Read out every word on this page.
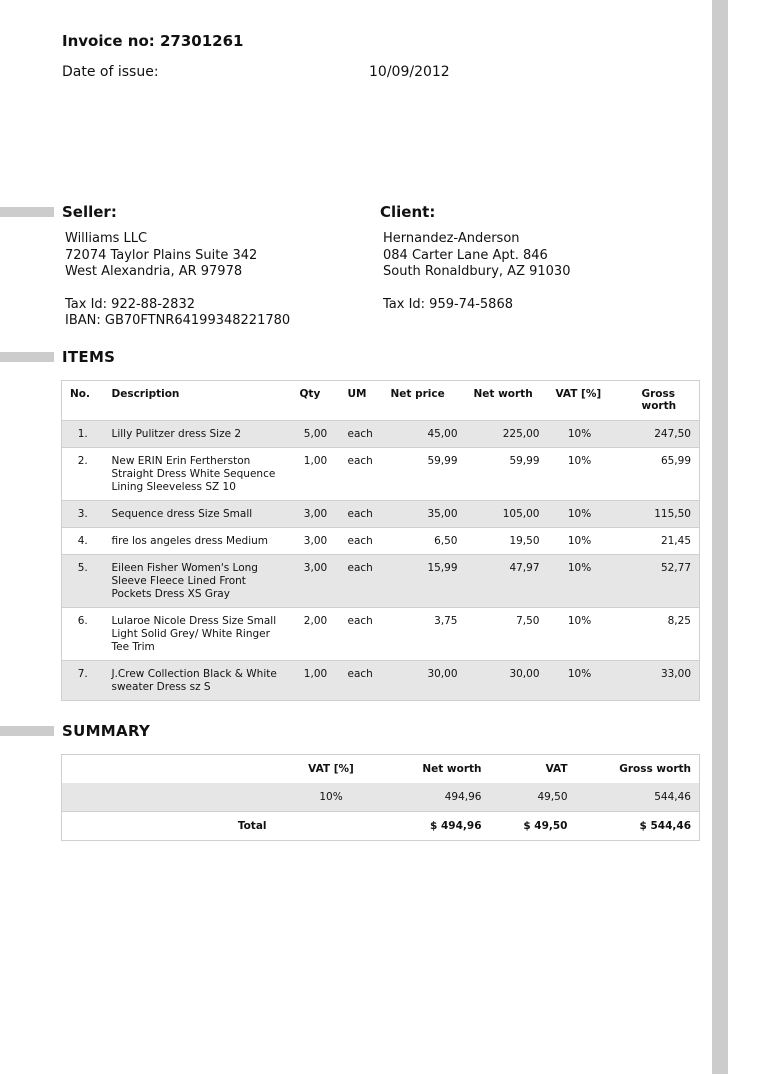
Invoice no: 27301261
Date of issue:	10/09/2012
Seller:	Client:
Williams LLC
72074 Taylor Plains Suite 342
West Alexandria, AR 97978
Tax Id: 922-88-2832
IBAN: GB70FTNR64199348221780
Hernandez-Anderson
084 Carter Lane Apt. 846
South Ronaldbury, AZ 91030
Tax Id: 959-74-5868
ITEMS
No.	Description	Qty	UM	Net price	Net worth	VAT [%]	Gross worth
1.	Lilly Pulitzer dress Size 2	5,00	each	45,00	225,00	10%	247,50
2.	New ERIN Erin Fertherston Straight Dress White Sequence Lining Sleeveless SZ 10	1,00	each	59,99	59,99	10%	65,99
3.	Sequence dress Size Small	3,00	each	35,00	105,00	10%	115,50
4.	fire los angeles dress Medium	3,00	each	6,50	19,50	10%	21,45
5.	Eileen Fisher Women's Long Sleeve Fleece Lined Front Pockets Dress XS Gray	3,00	each	15,99	47,97	10%	52,77
6.	Lularoe Nicole Dress Size Small Light Solid Grey/ White Ringer Tee Trim	2,00	each	3,75	7,50	10%	8,25
7.	J.Crew Collection Black & White sweater Dress sz S	1,00	each	30,00	30,00	10%	33,00
SUMMARY
	VAT [%]	Net worth	VAT	Gross worth
	10%	494,96	49,50	544,46
Total		$ 494,96	$ 49,50	$ 544,46
